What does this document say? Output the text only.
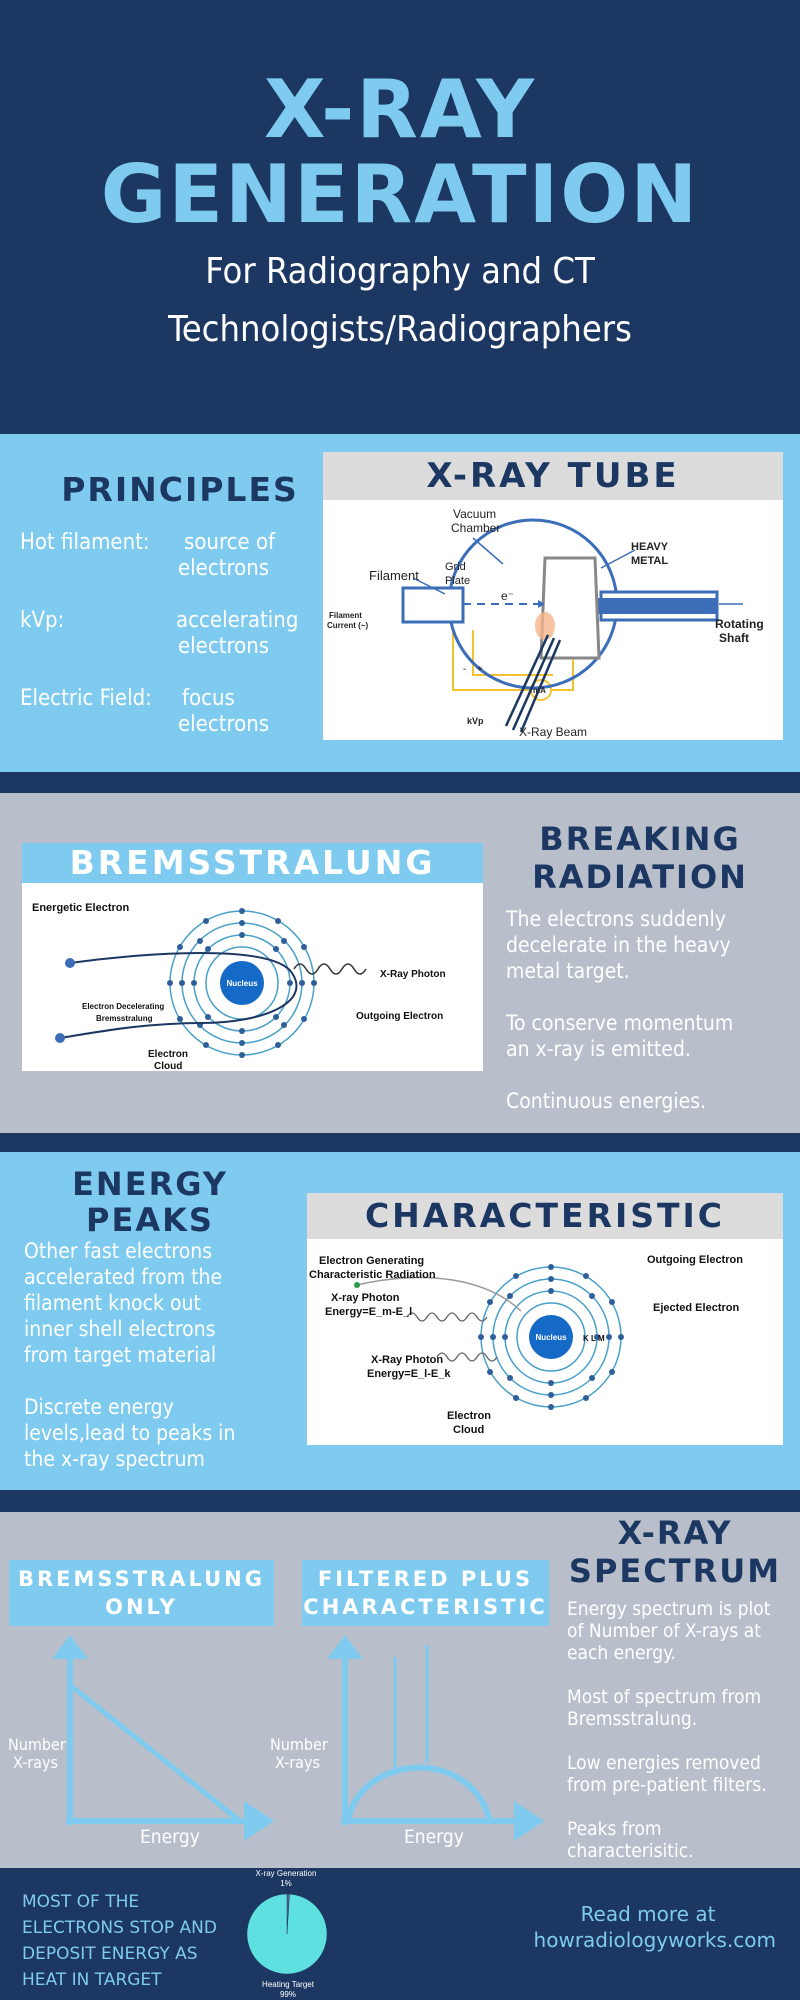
X-RAY
GENERATION
For Radiography and CT
Technologists/Radiographers
PRINCIPLES
Hot filament: source of
electrons
kVp:	accelerating
electrons
Electric Field: focus
electrons
X-RAY TUBE
Vacuum
Chamber
HEAVY
METAL
Filament
Grid
Plate
e⁻
Filament
Current (~)	Rotating
Shaft
mA
kVp
X-Ray Beam
- +
BREMSSTRALUNG
Nucleus
Energetic Electron
X-Ray Photon
Electron Decelerating
Bremsstralung	Outgoing Electron
Electron
Cloud
BREAKING
RADIATION
The electrons suddenly
decelerate in the heavy
metal target.
To conserve momentum
an x-ray is emitted.
Continuous energies.
ENERGY
PEAKS
Other fast electrons
accelerated from the
filament knock out
inner shell electrons
from target material
Discrete energy
levels,lead to peaks in
the x-ray spectrum
CHARACTERISTIC
Nucleus K L M
Electron Generating
Characteristic Radiation
X-ray Photon
Energy=E_m-E_l
X-Ray Photon
Energy=E_l-E_k
Outgoing Electron
Ejected Electron
Electron
Cloud
X-RAY
SPECTRUM
BREMSSTRALUNG
ONLY
FILTERED PLUS
CHARACTERISTIC
Number
X-rays
Energy
Number
X-rays
Energy
Energy spectrum is plot
of Number of X-rays at
each energy.
Most of spectrum from
Bremsstralung.
Low energies removed
from pre-patient filters.
Peaks from
characterisitic.
MOST OF THE
ELECTRONS STOP AND
DEPOSIT ENERGY AS
HEAT IN TARGET
X-ray Generation
1%
Heating Target
99%
Read more at
howradiologyworks.com
